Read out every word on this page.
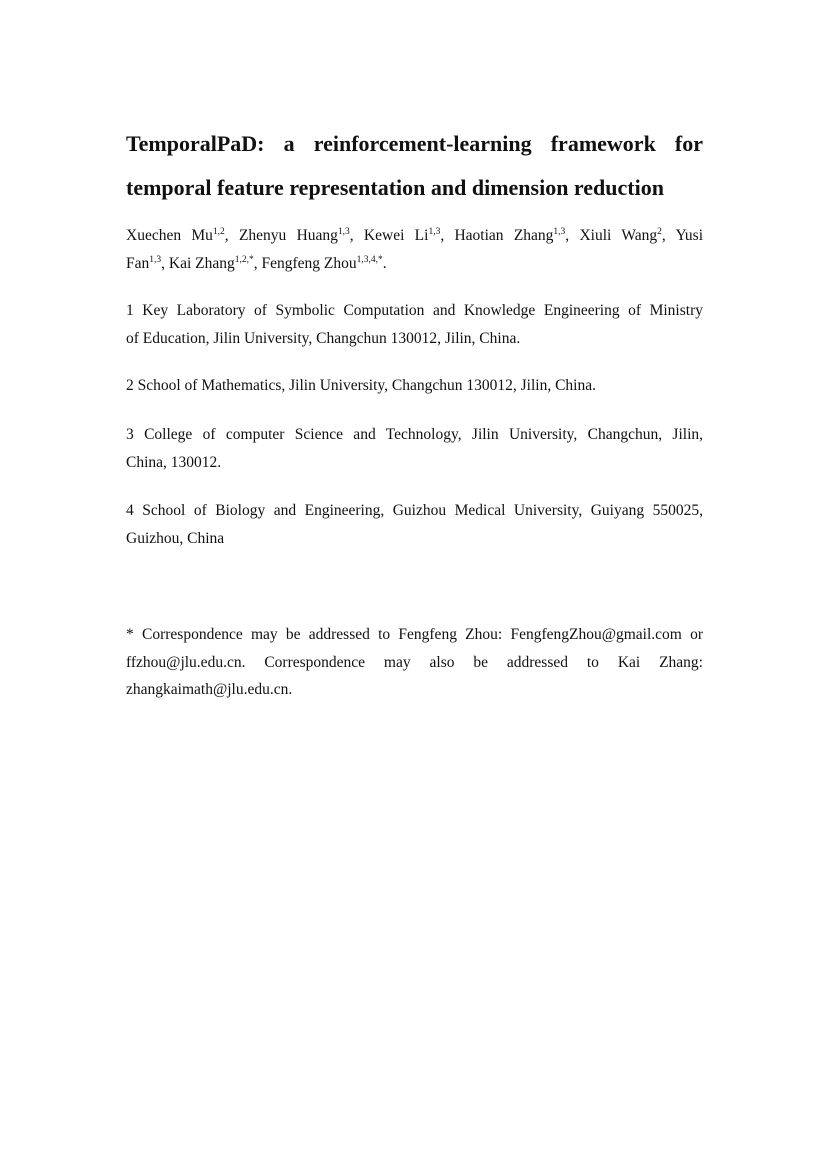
TemporalPaD: a reinforcement-learning framework for
temporal feature representation and dimension reduction
Xuechen Mu$^{1,2}$, Zhenyu Huang$^{1,3}$, Kewei Li$^{1,3}$, Haotian Zhang$^{1,3}$, Xiuli Wang$^2$, Yusi
Fan$^{1,3}$, Kai Zhang$^{1,2,*}$, Fengfeng Zhou$^{1,3,4,*}$.
1 Key Laboratory of Symbolic Computation and Knowledge Engineering of Ministry
of Education, Jilin University, Changchun 130012, Jilin, China.
2 School of Mathematics, Jilin University, Changchun 130012, Jilin, China.
3 College of computer Science and Technology, Jilin University, Changchun, Jilin,
China, 130012.
4 School of Biology and Engineering, Guizhou Medical University, Guiyang 550025,
Guizhou, China
* Correspondence may be addressed to Fengfeng Zhou: FengfengZhou@gmail.com or
ffzhou@jlu.edu.cn. Correspondence may also be addressed to Kai Zhang:
zhangkaimath@jlu.edu.cn.
